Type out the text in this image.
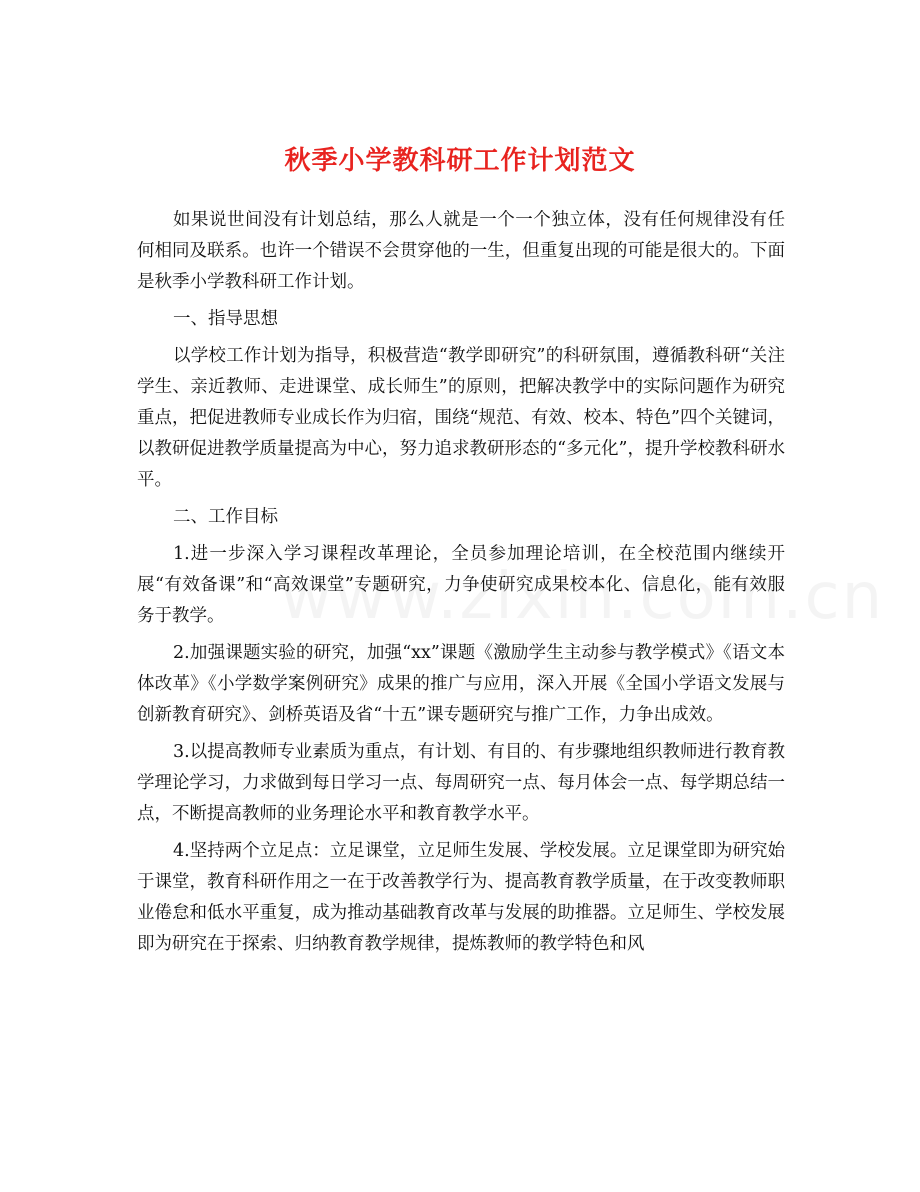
秋季小学教科研工作计划范文

如果说世间没有计划总结，那么人就是一个一个独立体，没有任何规律没有任何相同及联系。也许一个错误不会贯穿他的一生，但重复出现的可能是很大的。下面是秋季小学教科研工作计划。

一、指导思想

以学校工作计划为指导，积极营造“教学即研究”的科研氛围，遵循教科研“关注学生、亲近教师、走进课堂、成长师生”的原则，把解决教学中的实际问题作为研究重点，把促进教师专业成长作为归宿，围绕“规范、有效、校本、特色”四个关键词，以教研促进教学质量提高为中心，努力追求教研形态的“多元化”，提升学校教科研水平。

二、工作目标

1.进一步深入学习课程改革理论，全员参加理论培训，在全校范围内继续开展“有效备课”和“高效课堂”专题研究，力争使研究成果校本化、信息化，能有效服务于教学。

2.加强课题实验的研究，加强“xx”课题《激励学生主动参与教学模式》《语文本体改革》《小学数学案例研究》成果的推广与应用，深入开展《全国小学语文发展与创新教育研究》、剑桥英语及省“十五”课专题研究与推广工作，力争出成效。

3.以提高教师专业素质为重点，有计划、有目的、有步骤地组织教师进行教育教学理论学习，力求做到每日学习一点、每周研究一点、每月体会一点、每学期总结一点，不断提高教师的业务理论水平和教育教学水平。

4.坚持两个立足点：立足课堂，立足师生发展、学校发展。立足课堂即为研究始于课堂，教育科研作用之一在于改善教学行为、提高教育教学质量，在于改变教师职业倦怠和低水平重复，成为推动基础教育改革与发展的助推器。立足师生、学校发展即为研究在于探索、归纳教育教学规律，提炼教师的教学特色和风
